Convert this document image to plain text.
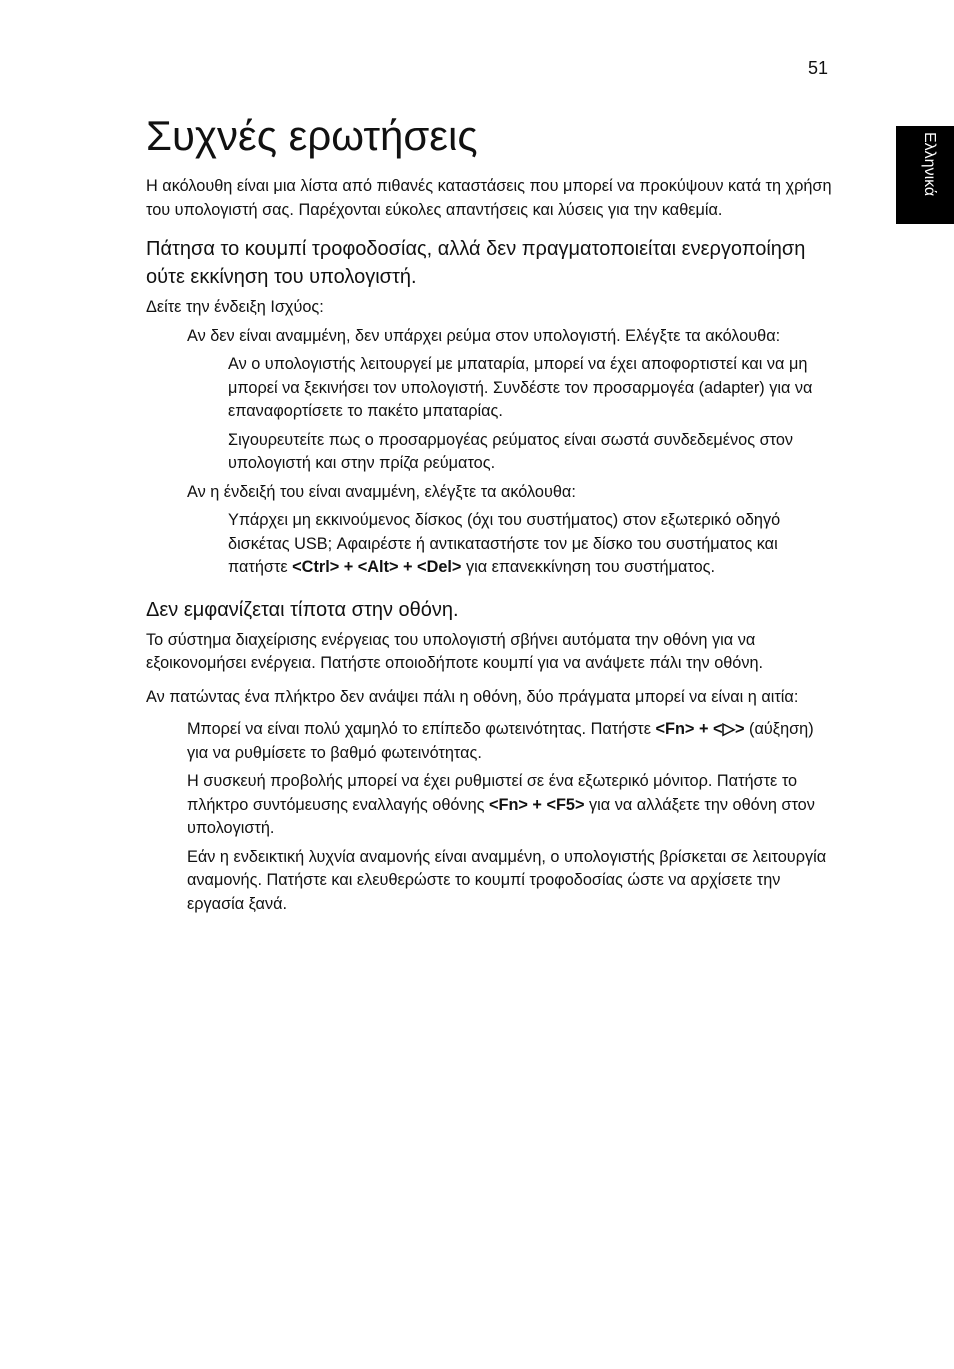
51
Ελληνικά
Συχνές ερωτήσεις

Η ακόλουθη είναι μια λίστα από πιθανές καταστάσεις που μπορεί να προκύψουν κατά τη χρήση του υπολογιστή σας. Παρέχονται εύκολες απαντήσεις και λύσεις για την καθεμία.

Πάτησα το κουμπί τροφοδοσίας, αλλά δεν πραγματοποιείται ενεργοποίηση ούτε εκκίνηση του υπολογιστή.

Δείτε την ένδειξη Ισχύος:

Αν δεν είναι αναμμένη, δεν υπάρχει ρεύμα στον υπολογιστή. Ελέγξτε τα ακόλουθα:

Αν ο υπολογιστής λειτουργεί με μπαταρία, μπορεί να έχει αποφορτιστεί και να μη μπορεί να ξεκινήσει τον υπολογιστή. Συνδέστε τον προσαρμογέα (adapter) για να επαναφορτίσετε το πακέτο μπαταρίας.

Σιγουρευτείτε πως ο προσαρμογέας ρεύματος είναι σωστά συνδεδεμένος στον υπολογιστή και στην πρίζα ρεύματος.

Αν η ένδειξή του είναι αναμμένη, ελέγξτε τα ακόλουθα:

Υπάρχει μη εκκινούμενος δίσκος (όχι του συστήματος) στον εξωτερικό οδηγό δισκέτας USB; Αφαιρέστε ή αντικαταστήστε τον με δίσκο του συστήματος και πατήστε <Ctrl> + <Alt> + <Del> για επανεκκίνηση του συστήματος.

Δεν εμφανίζεται τίποτα στην οθόνη.

Το σύστημα διαχείρισης ενέργειας του υπολογιστή σβήνει αυτόματα την οθόνη για να εξοικονομήσει ενέργεια. Πατήστε οποιοδήποτε κουμπί για να ανάψετε πάλι την οθόνη.

Αν πατώντας ένα πλήκτρο δεν ανάψει πάλι η οθόνη, δύο πράγματα μπορεί να είναι η αιτία:

Μπορεί να είναι πολύ χαμηλό το επίπεδο φωτεινότητας. Πατήστε <Fn> + <▷> (αύξηση) για να ρυθμίσετε το βαθμό φωτεινότητας.

Η συσκευή προβολής μπορεί να έχει ρυθμιστεί σε ένα εξωτερικό μόνιτορ. Πατήστε το πλήκτρο συντόμευσης εναλλαγής οθόνης <Fn> + <F5> για να αλλάξετε την οθόνη στον υπολογιστή.

Εάν η ενδεικτική λυχνία αναμονής είναι αναμμένη, ο υπολογιστής βρίσκεται σε λειτουργία αναμονής. Πατήστε και ελευθερώστε το κουμπί τροφοδοσίας ώστε να αρχίσετε την εργασία ξανά.
